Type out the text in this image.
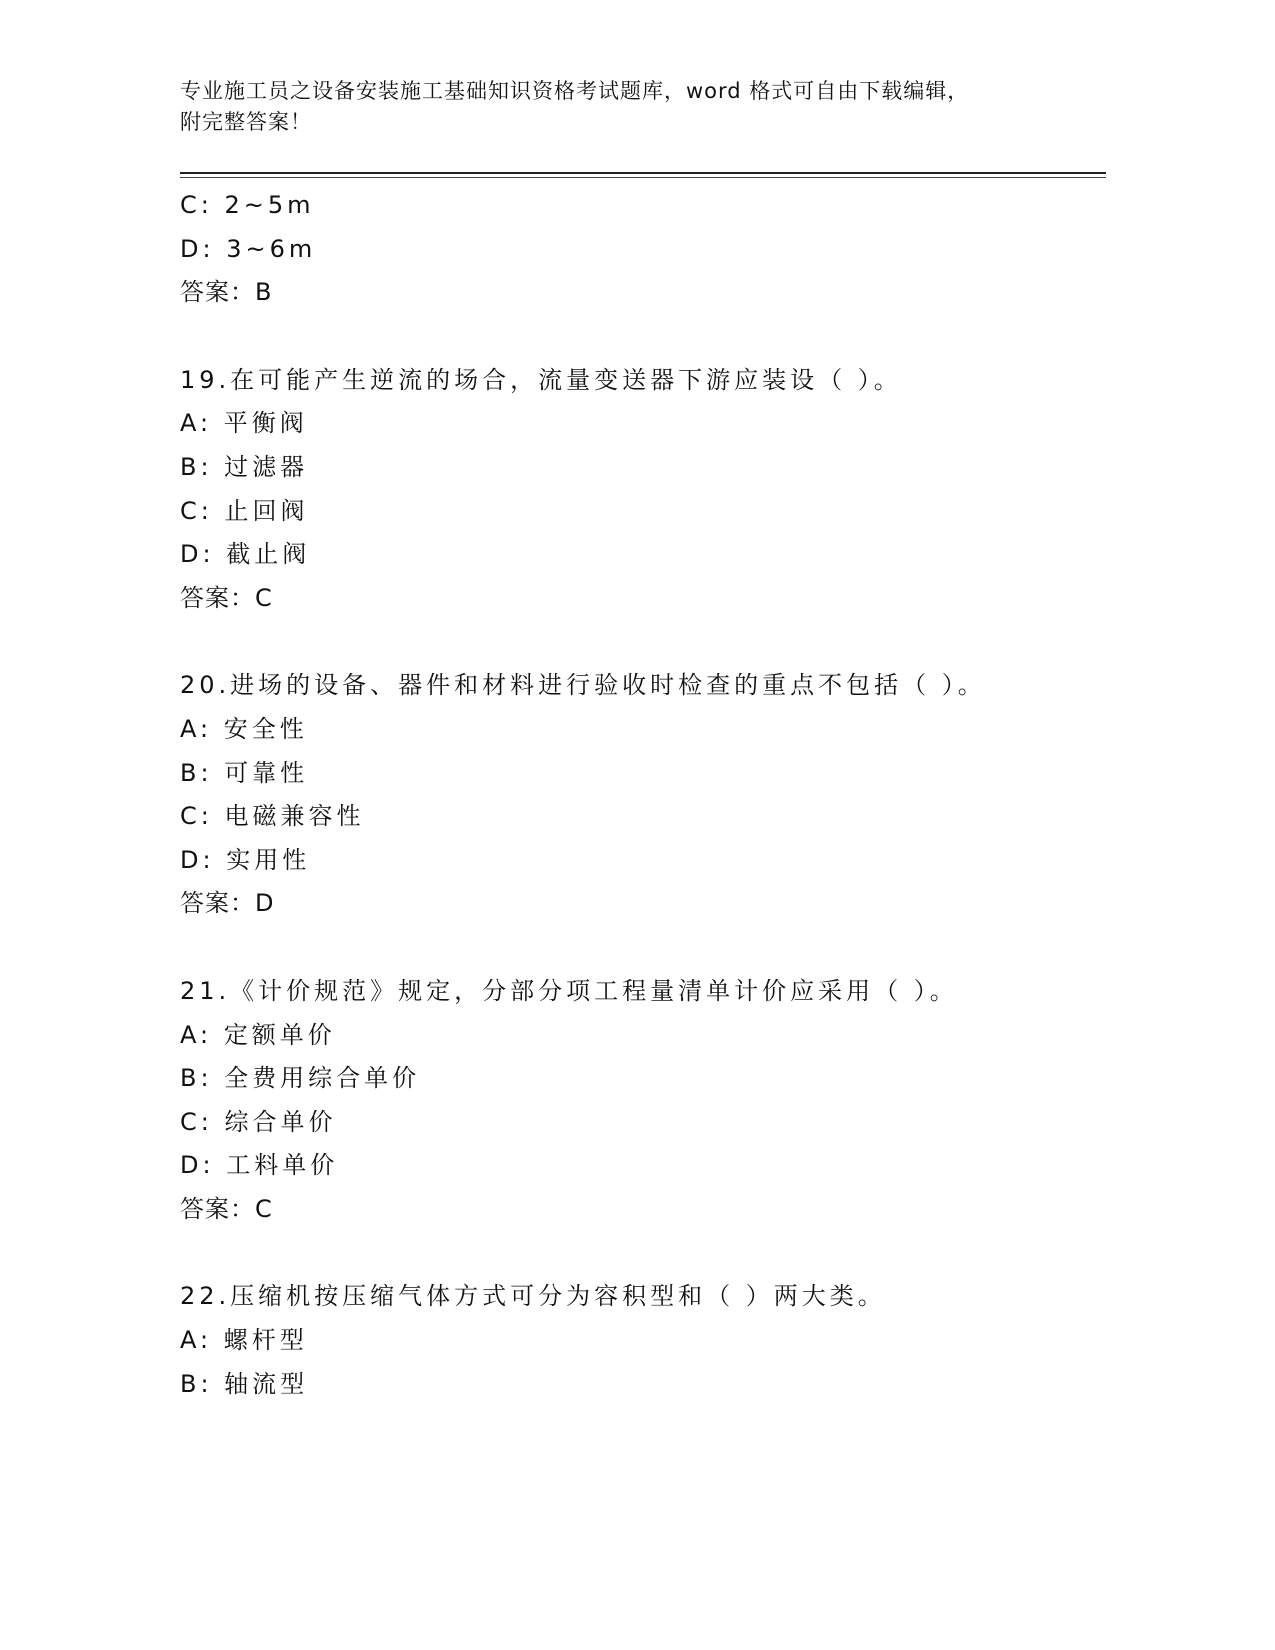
专业施工员之设备安装施工基础知识资格考试题库，word 格式可自由下载编辑，
附完整答案！
C: 2~5m
D: 3~6m
答案：B
19.在可能产生逆流的场合，流量变送器下游应装设（ ）。
A: 平衡阀
B: 过滤器
C: 止回阀
D: 截止阀
答案：C
20.进场的设备、器件和材料进行验收时检查的重点不包括（ ）。
A: 安全性
B: 可靠性
C: 电磁兼容性
D: 实用性
答案：D
21.《计价规范》规定，分部分项工程量清单计价应采用（ ）。
A: 定额单价
B: 全费用综合单价
C: 综合单价
D: 工料单价
答案：C
22.压缩机按压缩气体方式可分为容积型和（ ）两大类。
A: 螺杆型
B: 轴流型
